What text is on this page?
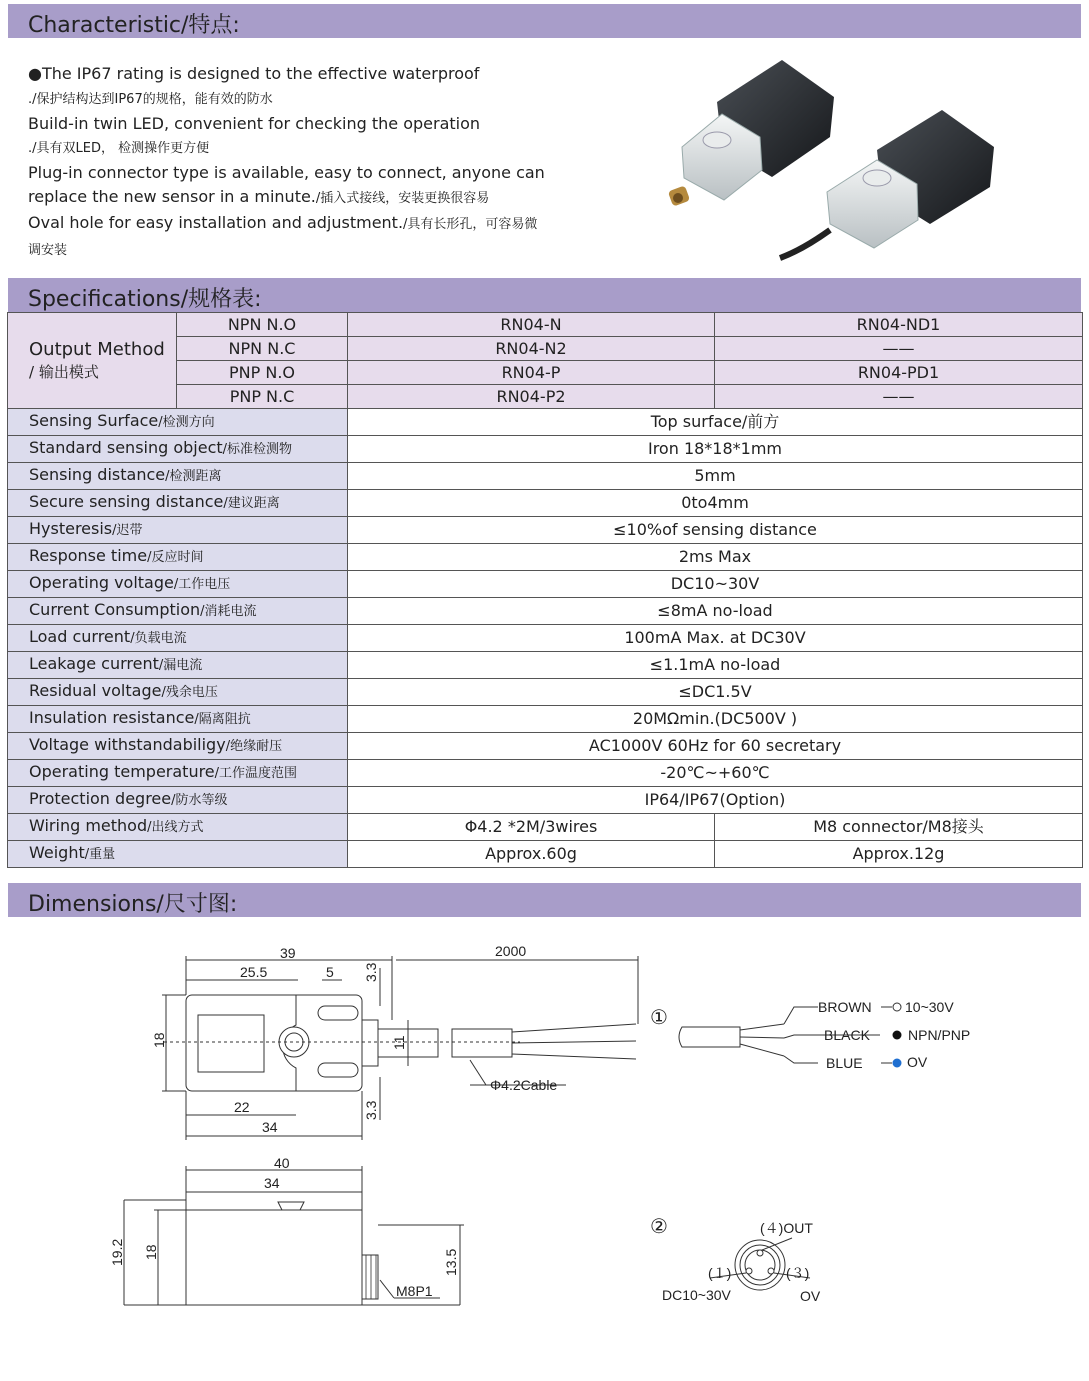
Characteristic/特点:
●The IP67 rating is designed to the effective waterproof
./保护结构达到IP67的规格，能有效的防水
Build-in twin LED, convenient for checking the operation
./具有双LED， 检测操作更方便
Plug-in connector type is available, easy to connect, anyone can
replace the new sensor in a minute./插入式接线，安装更换很容易
Oval hole for easy installation and adjustment./具有长形孔，可容易微
调安装
Specifications/规格表:
Output Method
/ 输出模式	NPN N.O	RN04-N	RN04-ND1
	NPN N.C	RN04-N2	——
	PNP N.O	RN04-P	RN04-PD1
	PNP N.C	RN04-P2	——
Sensing Surface/检测方向		Top surface/前方	
Standard sensing object/标准检测物		Iron 18*18*1mm	
Sensing distance/检测距离		5mm	
Secure sensing distance/建议距离		0to4mm	
Hysteresis/迟带		≤10%of sensing distance	
Response time/反应时间		2ms Max	
Operating voltage/工作电压		DC10~30V	
Current Consumption/消耗电流		≤8mA no-load	
Load current/负载电流		100mA Max. at DC30V	
Leakage current/漏电流		≤1.1mA no-load	
Residual voltage/残余电压		≤DC1.5V	
Insulation resistance/隔离阻抗		20MΩmin.(DC500V )	
Voltage withstandabiligy/绝缘耐压		AC1000V 60Hz for 60 secretary	
Operating temperature/工作温度范围		-20℃~+60℃	
Protection degree/防水等级		IP64/IP67(Option)	
Wiring method/出线方式		Φ4.2 *2M/3wires	M8 connector/M8接头
Weight/重量		Approx.60g	Approx.12g
Dimensions/尺寸图:
39	2000
25.5	5 3.3
18	11
22
34
3.3
Φ4.2Cable
40
34
19.2 18	13.5
M8P1
①	BROWN 10~30V
BLACK	NPN/PNP
BLUE	OV
②	(４)OUT
(１)	(３)
DC10~30V	OV
